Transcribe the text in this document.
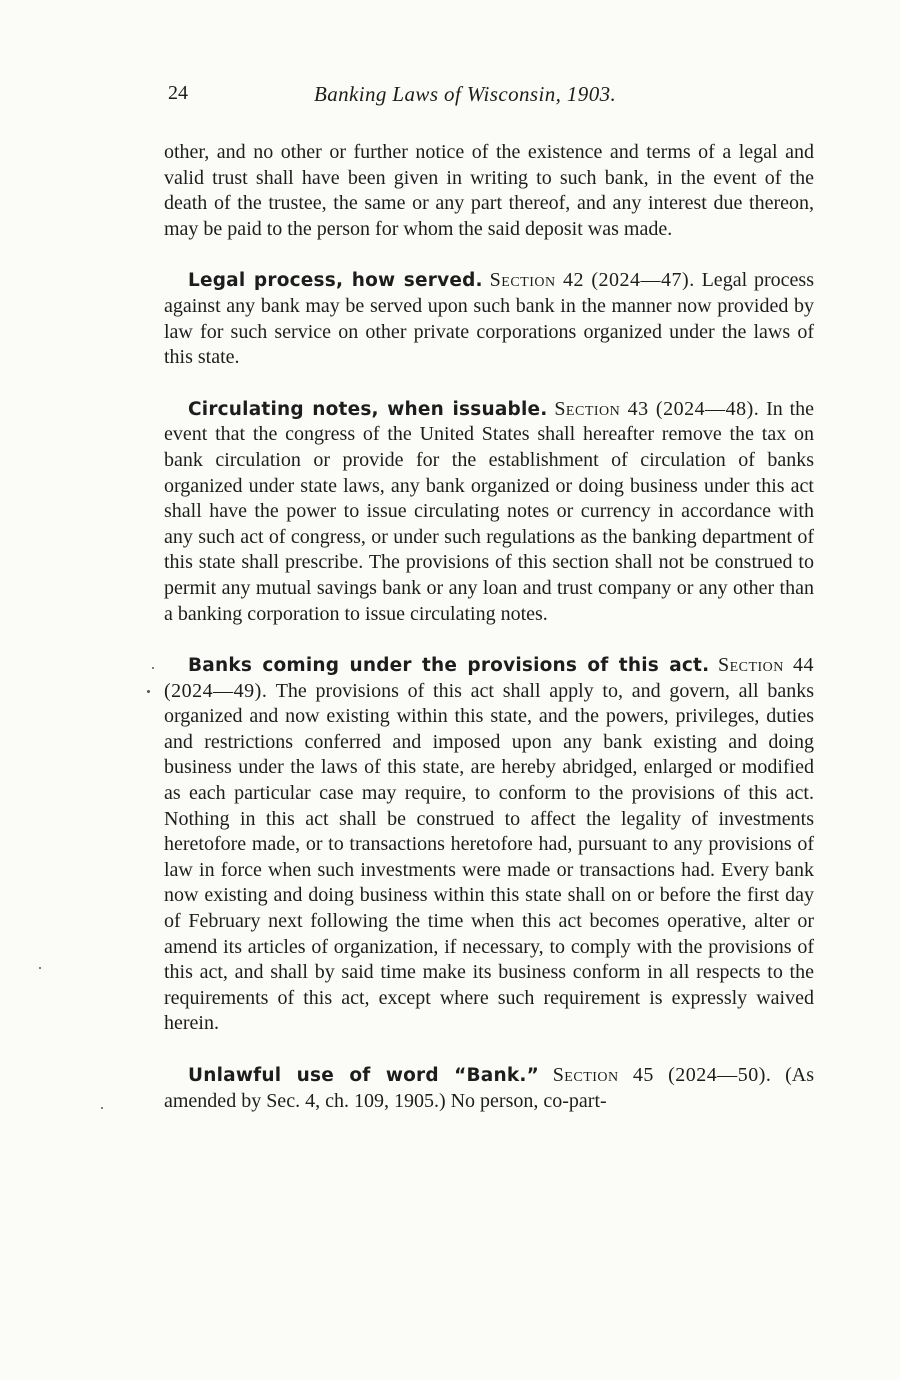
24	Banking Laws of Wisconsin, 1903.

other, and no other or further notice of the existence and terms of a legal and valid trust shall have been given in writing to such bank, in the event of the death of the trustee, the same or any part thereof, and any interest due thereon, may be paid to the person for whom the said deposit was made.

Legal process, how served. Section 42 (2024—47). Legal process against any bank may be served upon such bank in the manner now provided by law for such service on other private corporations organized under the laws of this state.

Circulating notes, when issuable. Section 43 (2024—48). In the event that the congress of the United States shall hereafter remove the tax on bank circulation or provide for the establishment of circulation of banks organized under state laws, any bank organized or doing business under this act shall have the power to issue circulating notes or currency in accordance with any such act of congress, or under such regulations as the banking department of this state shall prescribe. The provisions of this section shall not be construed to permit any mutual savings bank or any loan and trust company or any other than a banking corporation to issue circulating notes.

Banks coming under the provisions of this act. Section 44 (2024—49). The provisions of this act shall apply to, and govern, all banks organized and now existing within this state, and the powers, privileges, duties and restrictions conferred and imposed upon any bank existing and doing business under the laws of this state, are hereby abridged, enlarged or modified as each particular case may require, to conform to the provisions of this act. Nothing in this act shall be construed to affect the legality of investments heretofore made, or to transactions heretofore had, pursuant to any provisions of law in force when such investments were made or transactions had. Every bank now existing and doing business within this state shall on or before the first day of February next following the time when this act becomes operative, alter or amend its articles of organization, if necessary, to comply with the provisions of this act, and shall by said time make its business conform in all respects to the requirements of this act, except where such requirement is expressly waived herein.

Unlawful use of word “Bank.” Section 45 (2024—50). (As amended by Sec. 4, ch. 109, 1905.) No person, co-part-
